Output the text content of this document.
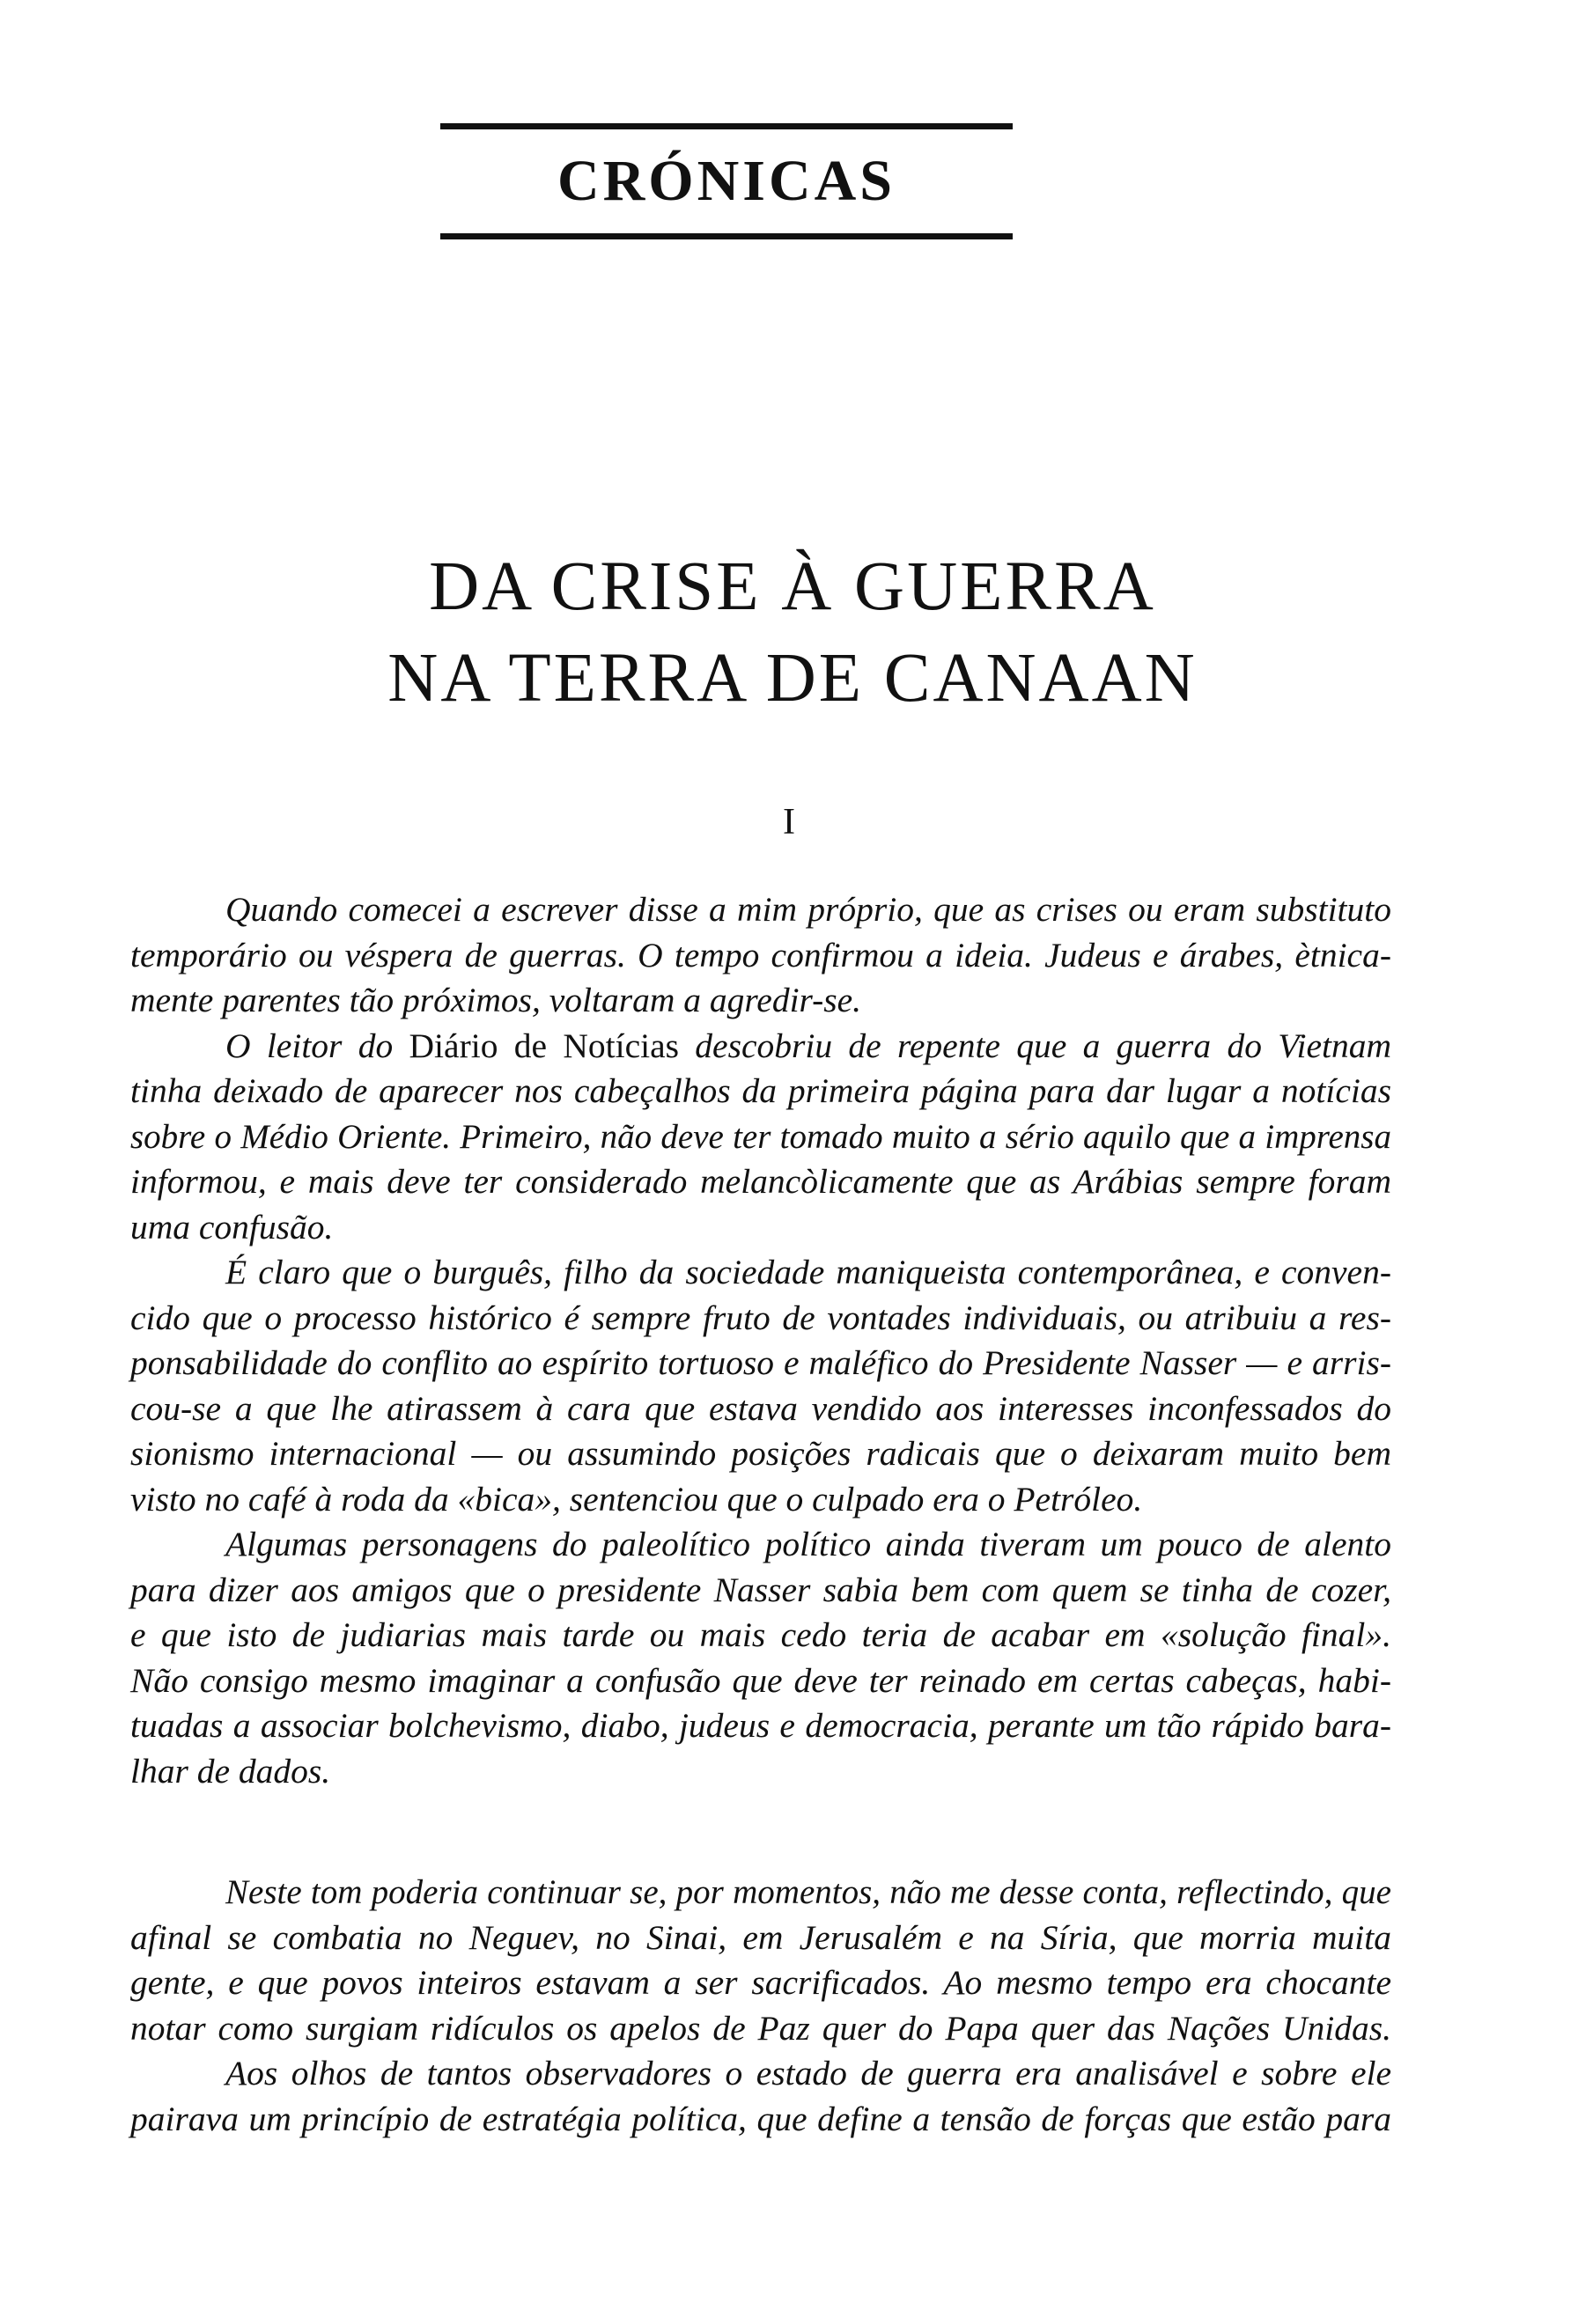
CRÓNICAS
DA CRISE À GUERRA
NA TERRA DE CANAAN
I

Quando comecei a escrever disse a mim próprio, que as crises ou eram substituto
temporário ou véspera de guerras. O tempo confirmou a ideia. Judeus e árabes, ètnica-
mente parentes tão próximos, voltaram a agredir-se.

O leitor do Diário de Notícias descobriu de repente que a guerra do Vietnam
tinha deixado de aparecer nos cabeçalhos da primeira página para dar lugar a notícias
sobre o Médio Oriente. Primeiro, não deve ter tomado muito a sério aquilo que a imprensa
informou, e mais deve ter considerado melancòlicamente que as Arábias sempre foram
uma confusão.

É claro que o burguês, filho da sociedade maniqueista contemporânea, e conven-
cido que o processo histórico é sempre fruto de vontades individuais, ou atribuiu a res-
ponsabilidade do conflito ao espírito tortuoso e maléfico do Presidente Nasser — e arris-
cou-se a que lhe atirassem à cara que estava vendido aos interesses inconfessados do
sionismo internacional — ou assumindo posições radicais que o deixaram muito bem
visto no café à roda da «bica», sentenciou que o culpado era o Petróleo.

Algumas personagens do paleolítico político ainda tiveram um pouco de alento
para dizer aos amigos que o presidente Nasser sabia bem com quem se tinha de cozer,
e que isto de judiarias mais tarde ou mais cedo teria de acabar em «solução final».
Não consigo mesmo imaginar a confusão que deve ter reinado em certas cabeças, habi-
tuadas a associar bolchevismo, diabo, judeus e democracia, perante um tão rápido bara-
lhar de dados.

Neste tom poderia continuar se, por momentos, não me desse conta, reflectindo, que
afinal se combatia no Neguev, no Sinai, em Jerusalém e na Síria, que morria muita
gente, e que povos inteiros estavam a ser sacrificados. Ao mesmo tempo era chocante
notar como surgiam ridículos os apelos de Paz quer do Papa quer das Nações Unidas.

Aos olhos de tantos observadores o estado de guerra era analisável e sobre ele
pairava um princípio de estratégia política, que define a tensão de forças que estão para
